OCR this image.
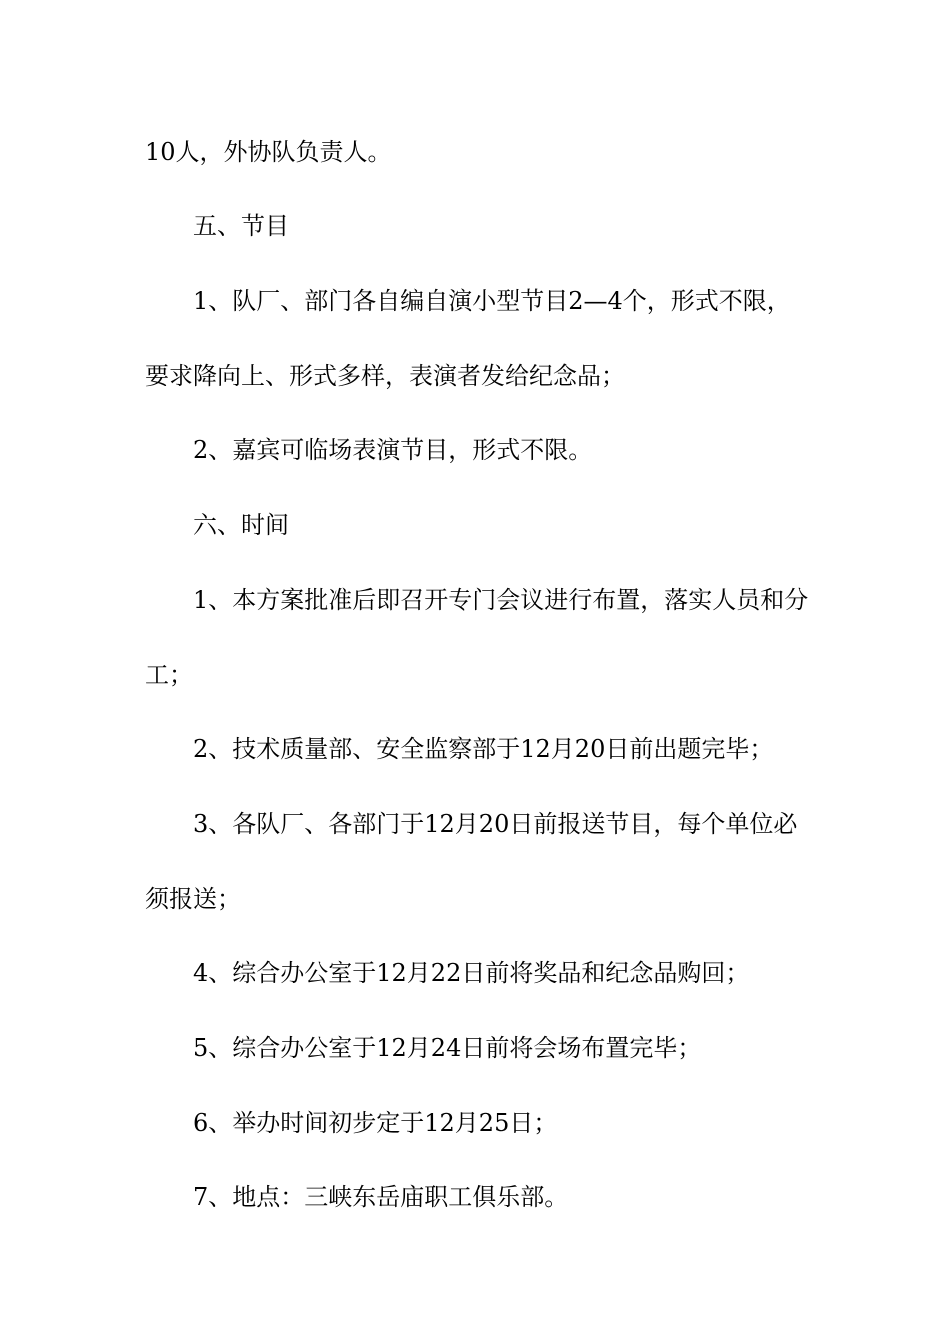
10人，外协队负责人。
五、节目
1、队厂、部门各自编自演小型节目2—4个，形式不限，
要求降向上、形式多样，表演者发给纪念品；
2、嘉宾可临场表演节目，形式不限。
六、时间
1、本方案批准后即召开专门会议进行布置，落实人员和分
工；
2、技术质量部、安全监察部于12月20日前出题完毕；
3、各队厂、各部门于12月20日前报送节目，每个单位必
须报送；
4、综合办公室于12月22日前将奖品和纪念品购回；
5、综合办公室于12月24日前将会场布置完毕；
6、举办时间初步定于12月25日；
7、地点：三峡东岳庙职工俱乐部。
